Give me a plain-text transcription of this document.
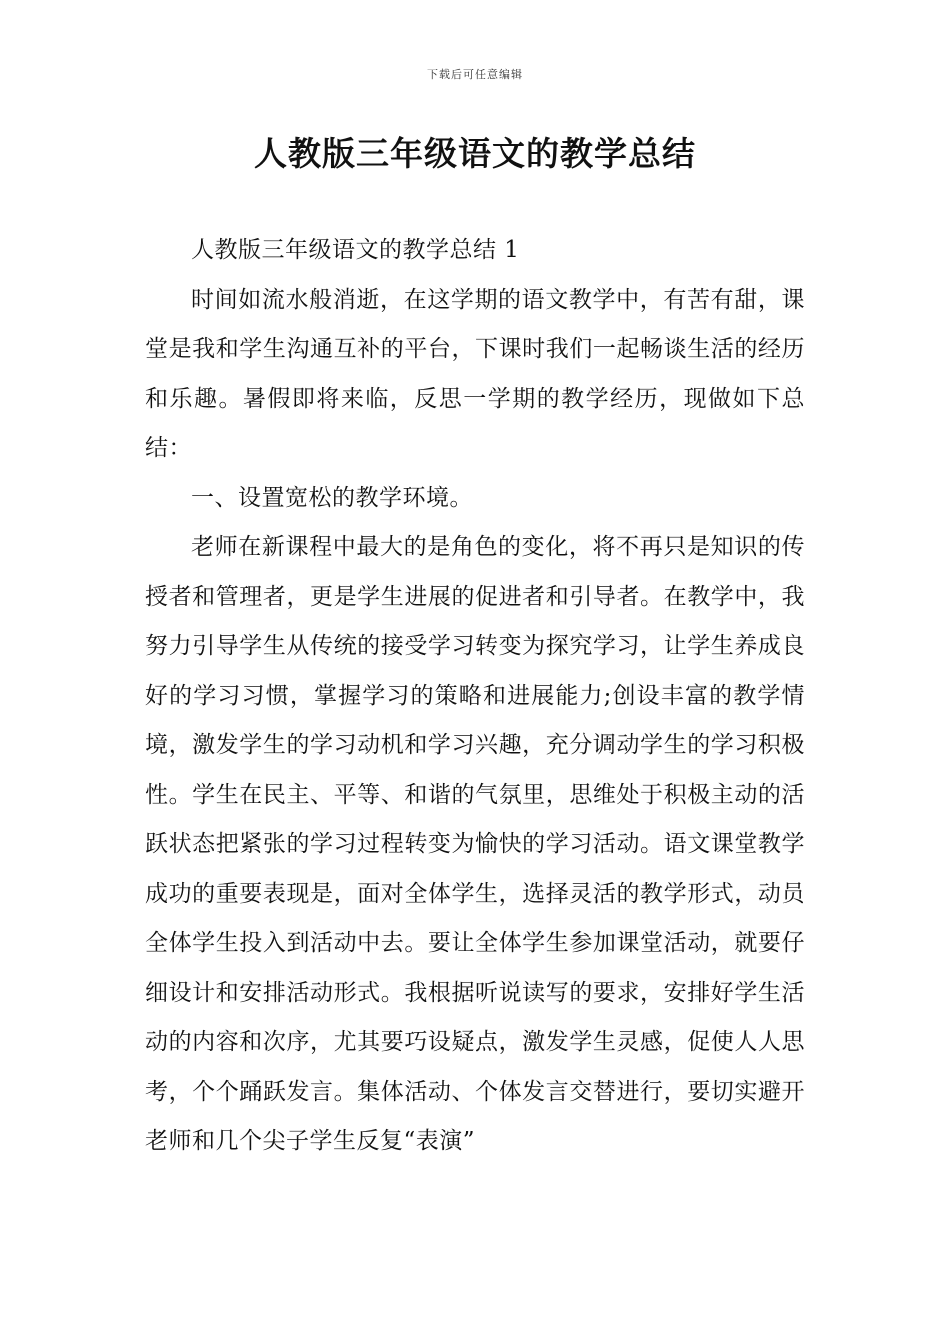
下载后可任意编辑
人教版三年级语文的教学总结

人教版三年级语文的教学总结 1

时间如流水般消逝，在这学期的语文教学中，有苦有甜，课堂是我和学生沟通互补的平台，下课时我们一起畅谈生活的经历和乐趣。暑假即将来临，反思一学期的教学经历，现做如下总结：

一、设置宽松的教学环境。

老师在新课程中最大的是角色的变化，将不再只是知识的传授者和管理者，更是学生进展的促进者和引导者。在教学中，我努力引导学生从传统的接受学习转变为探究学习，让学生养成良好的学习习惯，掌握学习的策略和进展能力;创设丰富的教学情境，激发学生的学习动机和学习兴趣，充分调动学生的学习积极性。学生在民主、平等、和谐的气氛里，思维处于积极主动的活跃状态把紧张的学习过程转变为愉快的学习活动。语文课堂教学成功的重要表现是，面对全体学生，选择灵活的教学形式，动员全体学生投入到活动中去。要让全体学生参加课堂活动，就要仔细设计和安排活动形式。我根据听说读写的要求，安排好学生活动的内容和次序，尤其要巧设疑点，激发学生灵感，促使人人思考，个个踊跃发言。集体活动、个体发言交替进行，要切实避开老师和几个尖子学生反复“表演”
